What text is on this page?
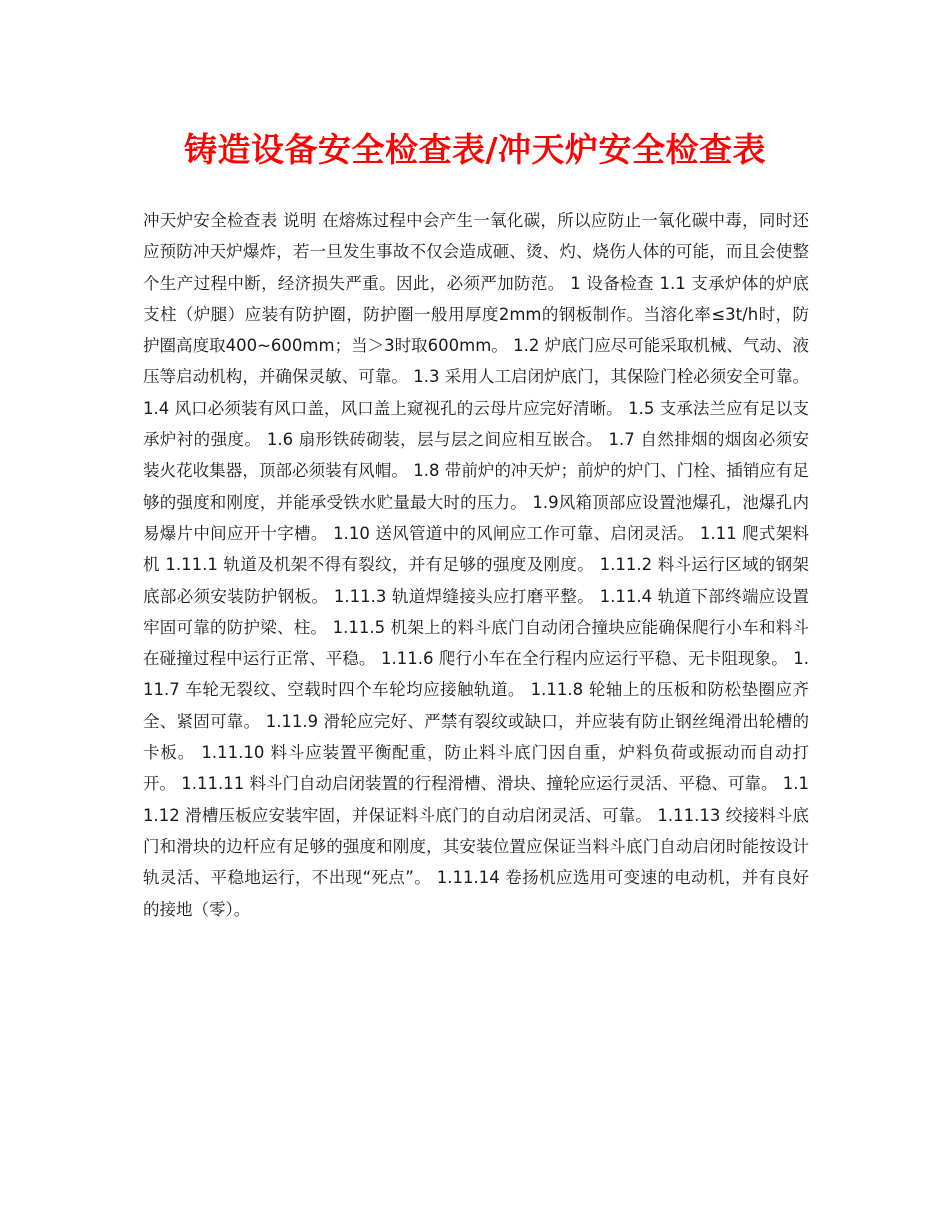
铸造设备安全检查表/冲天炉安全检查表

冲天炉安全检查表 说明 在熔炼过程中会产生一氧化碳，所以应防止一氧化碳中毒，同时还应预防冲天炉爆炸，若一旦发生事故不仅会造成砸、烫、灼、烧伤人体的可能，而且会使整个生产过程中断，经济损失严重。因此，必须严加防范。 1 设备检查 1.1 支承炉体的炉底支柱（炉腿）应装有防护圈，防护圈一般用厚度2mm的钢板制作。当溶化率≤3t/h时，防护圈高度取400~600mm；当＞3时取600mm。 1.2 炉底门应尽可能采取机械、气动、液压等启动机构，并确保灵敏、可靠。 1.3 采用人工启闭炉底门，其保险门栓必须安全可靠。 1.4 风口必须装有风口盖，风口盖上窥视孔的云母片应完好清晰。 1.5 支承法兰应有足以支承炉衬的强度。 1.6 扇形铁砖砌装，层与层之间应相互嵌合。 1.7 自然排烟的烟囱必须安装火花收集器，顶部必须装有风帽。 1.8 带前炉的冲天炉；前炉的炉门、门栓、插销应有足够的强度和刚度，并能承受铁水贮量最大时的压力。 1.9风箱顶部应设置池爆孔，池爆孔内易爆片中间应开十字槽。 1.10 送风管道中的风闸应工作可靠、启闭灵活。 1.11 爬式架料机 1.11.1 轨道及机架不得有裂纹，并有足够的强度及刚度。 1.11.2 料斗运行区域的钢架底部必须安装防护钢板。 1.11.3 轨道焊缝接头应打磨平整。 1.11.4 轨道下部终端应设置牢固可靠的防护梁、柱。 1.11.5 机架上的料斗底门自动闭合撞块应能确保爬行小车和料斗在碰撞过程中运行正常、平稳。 1.11.6 爬行小车在全行程内应运行平稳、无卡阻现象。 1.11.7 车轮无裂纹、空载时四个车轮均应接触轨道。 1.11.8 轮轴上的压板和防松垫圈应齐全、紧固可靠。 1.11.9 滑轮应完好、严禁有裂纹或缺口，并应装有防止钢丝绳滑出轮槽的卡板。 1.11.10 料斗应装置平衡配重，防止料斗底门因自重，炉料负荷或振动而自动打开。 1.11.11 料斗门自动启闭装置的行程滑槽、滑块、撞轮应运行灵活、平稳、可靠。 1.11.12 滑槽压板应安装牢固，并保证料斗底门的自动启闭灵活、可靠。 1.11.13 绞接料斗底门和滑块的边杆应有足够的强度和刚度，其安装位置应保证当料斗底门自动启闭时能按设计轨灵活、平稳地运行，不出现“死点”。 1.11.14 卷扬机应选用可变速的电动机，并有良好的接地（零）。
